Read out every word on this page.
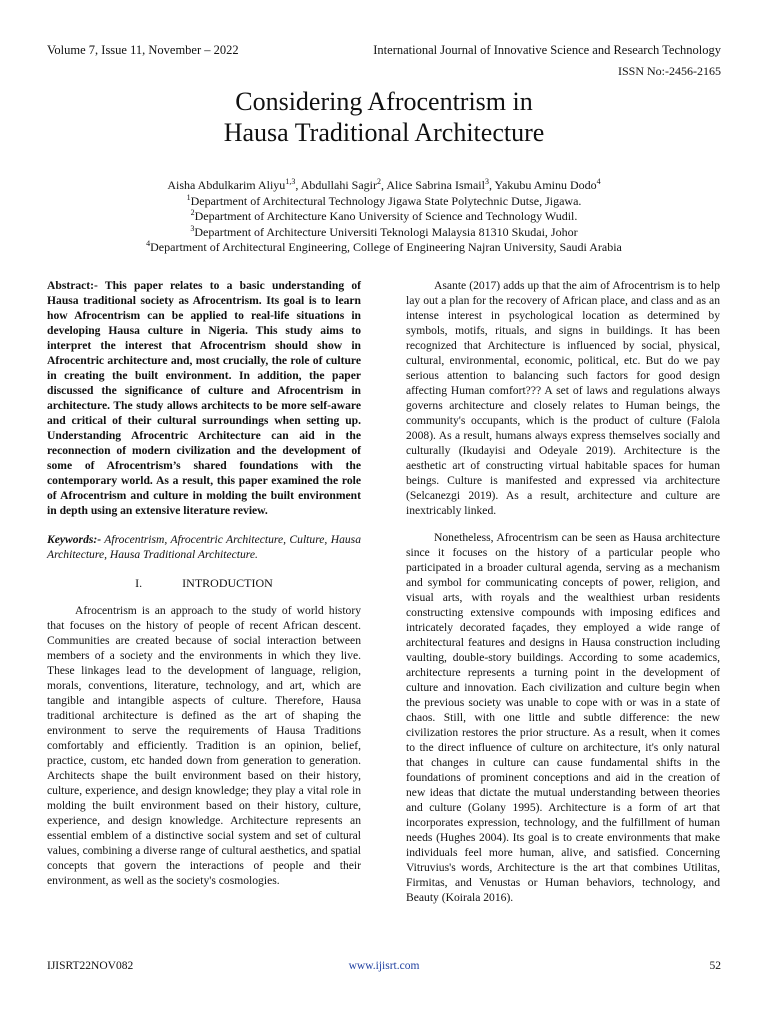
Volume 7, Issue 11, November – 2022	International Journal of Innovative Science and Research Technology
ISSN No:-2456-2165
Considering Afrocentrism in
Hausa Traditional Architecture
Aisha Abdulkarim Aliyu$^{1,3}$, Abdullahi Sagir$^2$, Alice Sabrina Ismail$^3$, Yakubu Aminu Dodo$^4$
$^1$Department of Architectural Technology Jigawa State Polytechnic Dutse, Jigawa.
$^2$Department of Architecture Kano University of Science and Technology Wudil.
$^3$Department of Architecture Universiti Teknologi Malaysia 81310 Skudai, Johor
$^4$Department of Architectural Engineering, College of Engineering Najran University, Saudi Arabia

Abstract:- This paper relates to a basic understanding of Hausa traditional society as Afrocentrism. Its goal is to learn how Afrocentrism can be applied to real-life situations in developing Hausa culture in Nigeria. This study aims to interpret the interest that Afrocentrism should show in Afrocentric architecture and, most crucially, the role of culture in creating the built environment. In addition, the paper discussed the significance of culture and Afrocentrism in architecture. The study allows architects to be more self-aware and critical of their cultural surroundings when setting up. Understanding Afrocentric Architecture can aid in the reconnection of modern civilization and the development of some of Afrocentrism’s shared foundations with the contemporary world. As a result, this paper examined the role of Afrocentrism and culture in molding the built environment in depth using an extensive literature review.

Keywords:- Afrocentrism, Afrocentric Architecture, Culture, Hausa Architecture, Hausa Traditional Architecture.

I.	INTRODUCTION

Afrocentrism is an approach to the study of world history that focuses on the history of people of recent African descent. Communities are created because of social interaction between members of a society and the environments in which they live. These linkages lead to the development of language, religion, morals, conventions, literature, technology, and art, which are tangible and intangible aspects of culture. Therefore, Hausa traditional architecture is defined as the art of shaping the environment to serve the requirements of Hausa Traditions comfortably and efficiently. Tradition is an opinion, belief, practice, custom, etc handed down from generation to generation. Architects shape the built environment based on their history, culture, experience, and design knowledge; they play a vital role in molding the built environment based on their history, culture, experience, and design knowledge. Architecture represents an essential emblem of a distinctive social system and set of cultural values, combining a diverse range of cultural aesthetics, and spatial concepts that govern the interactions of people and their environment, as well as the society's cosmologies.

Asante (2017) adds up that the aim of Afrocentrism is to help lay out a plan for the recovery of African place, and class and as an intense interest in psychological location as determined by symbols, motifs, rituals, and signs in buildings. It has been recognized that Architecture is influenced by social, physical, cultural, environmental, economic, political, etc. But do we pay serious attention to balancing such factors for good design affecting Human comfort??? A set of laws and regulations always governs architecture and closely relates to Human beings, the community's occupants, which is the product of culture (Falola 2008). As a result, humans always express themselves socially and culturally (Ikudayisi and Odeyale 2019). Architecture is the aesthetic art of constructing virtual habitable spaces for human beings. Culture is manifested and expressed via architecture (Selcanezgi 2019). As a result, architecture and culture are inextricably linked.

Nonetheless, Afrocentrism can be seen as Hausa architecture since it focuses on the history of a particular people who participated in a broader cultural agenda, serving as a mechanism and symbol for communicating concepts of power, religion, and visual arts, with royals and the wealthiest urban residents constructing extensive compounds with imposing edifices and intricately decorated façades, they employed a wide range of architectural features and designs in Hausa construction including vaulting, double-story buildings. According to some academics, architecture represents a turning point in the development of culture and innovation. Each civilization and culture begin when the previous society was unable to cope with or was in a state of chaos. Still, with one little and subtle difference: the new civilization restores the prior structure. As a result, when it comes to the direct influence of culture on architecture, it's only natural that changes in culture can cause fundamental shifts in the foundations of prominent conceptions and aid in the creation of new ideas that dictate the mutual understanding between theories and culture (Golany 1995). Architecture is a form of art that incorporates expression, technology, and the fulfillment of human needs (Hughes 2004). Its goal is to create environments that make individuals feel more human, alive, and satisfied. Concerning Vitruvius's words, Architecture is the art that combines Utilitas, Firmitas, and Venustas or Human behaviors, technology, and Beauty (Koirala 2016).

IJISRT22NOV082	www.ijisrt.com	52
